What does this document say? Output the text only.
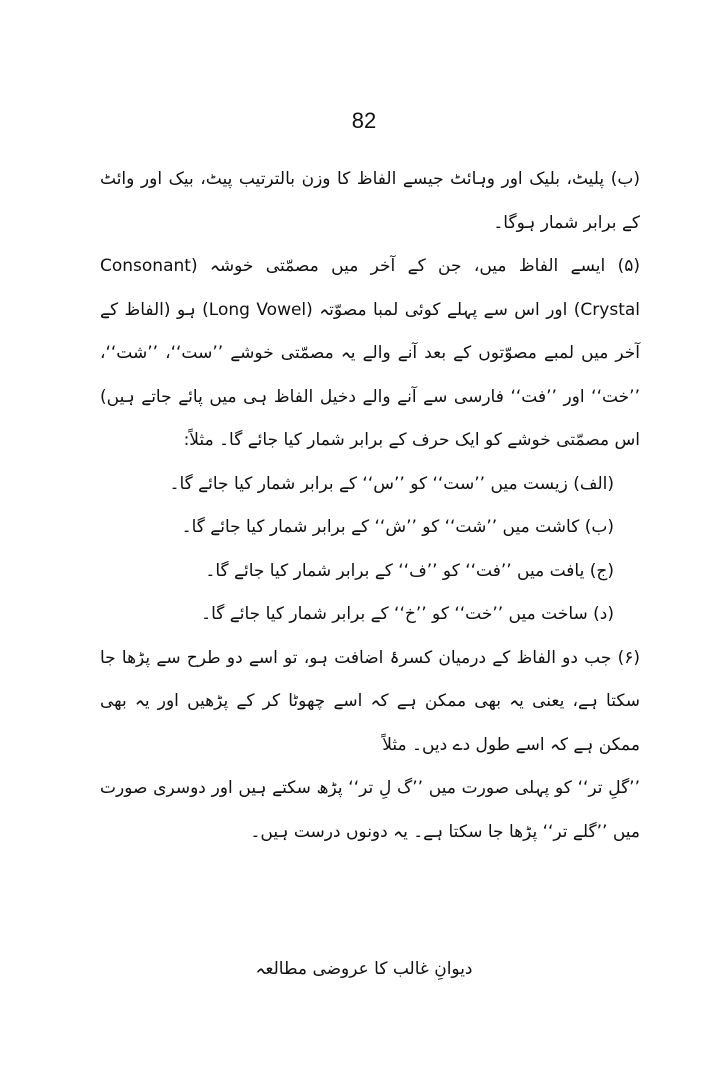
82

(ب) پلیٹ، بلیک اور وہائٹ جیسے الفاظ کا وزن بالترتیب پیٹ، بیک اور وائٹ کے برابر شمار ہوگا۔

(۵) ایسے الفاظ میں، جن کے آخر میں مصمّتی خوشہ (Consonant Crystal) اور اس سے پہلے کوئی لمبا مصوّتہ (Long Vowel) ہو (الفاظ کے آخر میں لمبے مصوّتوں کے بعد آنے والے یہ مصمّتی خوشے ’’ست‘‘، ’’شت‘‘، ’’خت‘‘ اور ’’فت‘‘ فارسی سے آنے والے دخیل الفاظ ہی میں پائے جاتے ہیں) اس مصمّتی خوشے کو ایک حرف کے برابر شمار کیا جائے گا۔ مثلاً:

(الف) زیست میں ’’ست‘‘ کو ’’س‘‘ کے برابر شمار کیا جائے گا۔

(ب) کاشت میں ’’شت‘‘ کو ’’ش‘‘ کے برابر شمار کیا جائے گا۔

(ج) یافت میں ’’فت‘‘ کو ’’ف‘‘ کے برابر شمار کیا جائے گا۔

(د) ساخت میں ’’خت‘‘ کو ’’خ‘‘ کے برابر شمار کیا جائے گا۔

(۶) جب دو الفاظ کے درمیان کسرۂ اضافت ہو، تو اسے دو طرح سے پڑھا جا سکتا ہے، یعنی یہ بھی ممکن ہے کہ اسے چھوٹا کر کے پڑھیں اور یہ بھی ممکن ہے کہ اسے طول دے دیں۔ مثلاً

’’گلِ تر‘‘ کو پہلی صورت میں ’’گ لِ تر‘‘ پڑھ سکتے ہیں اور دوسری صورت میں ’’گلے تر‘‘ پڑھا جا سکتا ہے۔ یہ دونوں درست ہیں۔

دیوانِ غالب کا عروضی مطالعہ
